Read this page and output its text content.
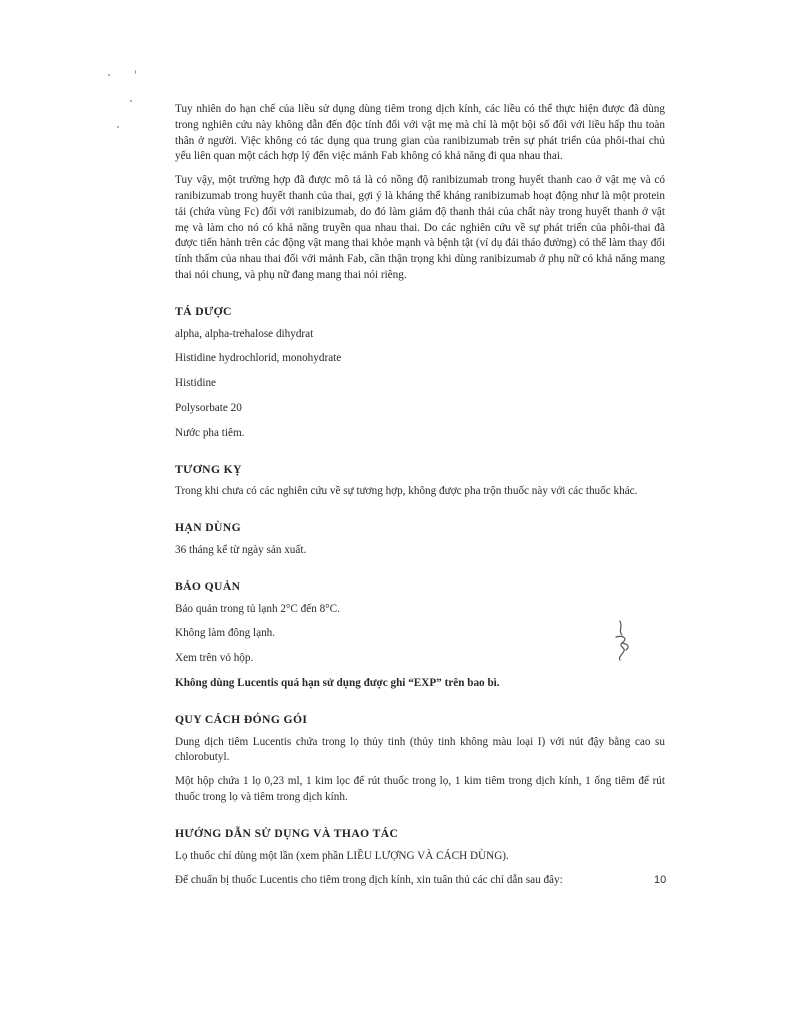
Tuy nhiên do hạn chế của liều sử dụng dùng tiêm trong dịch kính, các liều có thể thực hiện được đã dùng trong nghiên cứu này không dẫn đến độc tính đối với vật mẹ mà chỉ là một bội số đối với liều hấp thu toàn thân ở người. Việc không có tác dụng qua trung gian của ranibizumab trên sự phát triển của phôi-thai chủ yếu liên quan một cách hợp lý đến việc mảnh Fab không có khả năng đi qua nhau thai.

Tuy vậy, một trường hợp đã được mô tả là có nồng độ ranibizumab trong huyết thanh cao ở vật mẹ và có ranibizumab trong huyết thanh của thai, gợi ý là kháng thể kháng ranibizumab hoạt động như là một protein tải (chứa vùng Fc) đối với ranibizumab, do đó làm giảm độ thanh thải của chất này trong huyết thanh ở vật mẹ và làm cho nó có khả năng truyền qua nhau thai. Do các nghiên cứu về sự phát triển của phôi-thai đã được tiến hành trên các động vật mang thai khỏe mạnh và bệnh tật (ví dụ đái tháo đường) có thể làm thay đổi tính thấm của nhau thai đối với mảnh Fab, cần thận trọng khi dùng ranibizumab ở phụ nữ có khả năng mang thai nói chung, và phụ nữ đang mang thai nói riêng.

TÁ DƯỢC
alpha, alpha-trehalose dihydrat
Histidine hydrochlorid, monohydrate
Histidine
Polysorbate 20
Nước pha tiêm.
TƯƠNG KỴ

Trong khi chưa có các nghiên cứu về sự tương hợp, không được pha trộn thuốc này với các thuốc khác.

HẠN DÙNG
36 tháng kể từ ngày sản xuất.
BẢO QUẢN
Bảo quản trong tủ lạnh 2°C đến 8°C.
Không làm đông lạnh.
Xem trên vỏ hộp.
Không dùng Lucentis quá hạn sử dụng được ghi “EXP” trên bao bì.
QUY CÁCH ĐÓNG GÓI

Dung dịch tiêm Lucentis chứa trong lọ thủy tinh (thủy tinh không màu loại I) với nút đậy bằng cao su chlorobutyl.

Một hộp chứa 1 lọ 0,23 ml, 1 kim lọc để rút thuốc trong lọ, 1 kim tiêm trong dịch kính, 1 ống tiêm để rút thuốc trong lọ và tiêm trong dịch kính.

HƯỚNG DẪN SỬ DỤNG VÀ THAO TÁC
Lọ thuốc chỉ dùng một lần (xem phần LIỀU LƯỢNG VÀ CÁCH DÙNG).
Để chuẩn bị thuốc Lucentis cho tiêm trong dịch kính, xin tuân thủ các chỉ dẫn sau đây:	10
